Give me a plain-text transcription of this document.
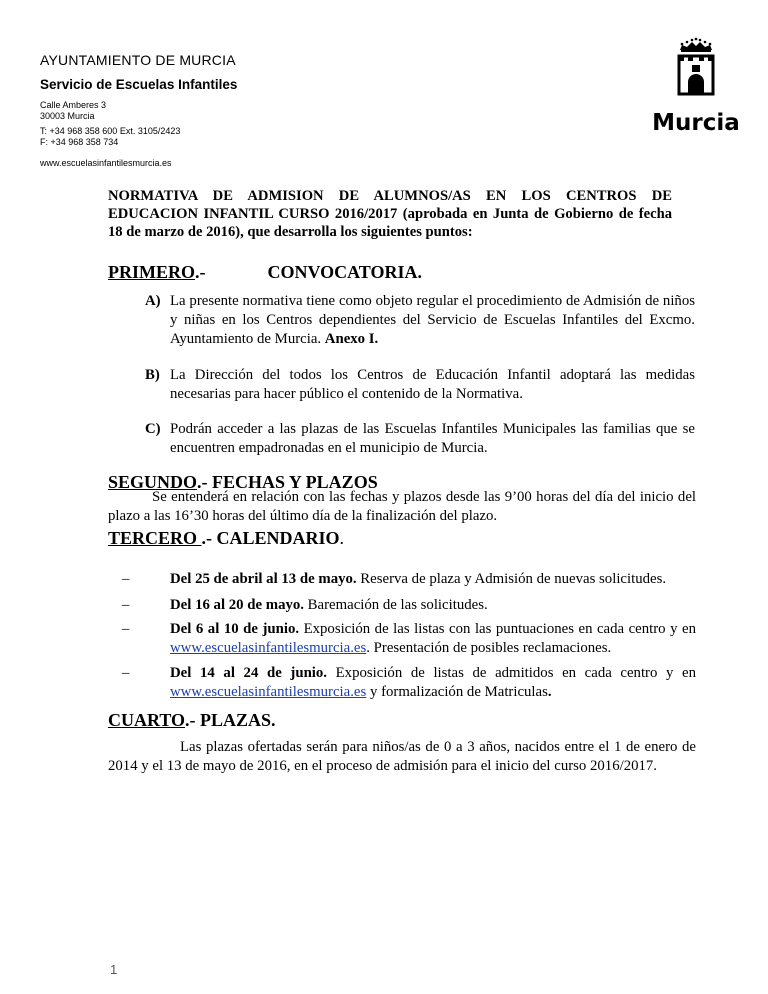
AYUNTAMIENTO DE MURCIA
Servicio de Escuelas Infantiles
Calle Amberes 3
30003 Murcia
T: +34 968 358 600 Ext. 3105/2423
F: +34 968 358 734
www.escuelasinfantilesmurcia.es
Murcia
NORMATIVA DE ADMISION DE ALUMNOS/AS EN LOS CENTROS DE
EDUCACION INFANTIL CURSO 2016/2017 (aprobada en Junta de Gobierno de fecha
18 de marzo de 2016), que desarrolla los siguientes puntos:
PRIMERO.-	CONVOCATORIA.
A) La presente normativa tiene como objeto regular el procedimiento de Admisión de niños y niñas en los Centros dependientes del Servicio de Escuelas Infantiles del Excmo. Ayuntamiento de Murcia. Anexo I.
B) La Dirección del todos los Centros de Educación Infantil adoptará las medidas necesarias para hacer público el contenido de la Normativa.
C) Podrán acceder a las plazas de las Escuelas Infantiles Municipales las familias que se encuentren empadronadas en el municipio de Murcia.
SEGUNDO.- FECHAS Y PLAZOS
Se entenderá en relación con las fechas y plazos desde las 9’00 horas del día del inicio del plazo a las 16’30 horas del último día de la finalización del plazo.
TERCERO .- CALENDARIO.
–	Del 25 de abril al 13 de mayo. Reserva de plaza y Admisión de nuevas solicitudes.
–	Del 16 al 20 de mayo. Baremación de las solicitudes.
–	Del 6 al 10 de junio. Exposición de las listas con las puntuaciones en cada centro y en www.escuelasinfantilesmurcia.es. Presentación de posibles reclamaciones.
–	Del 14 al 24 de junio. Exposición de listas de admitidos en cada centro y en www.escuelasinfantilesmurcia.es y formalización de Matriculas.
CUARTO.- PLAZAS.
Las plazas ofertadas serán para niños/as de 0 a 3 años, nacidos entre el 1 de enero de 2014 y el 13 de mayo de 2016, en el proceso de admisión para el inicio del curso 2016/2017.
1
